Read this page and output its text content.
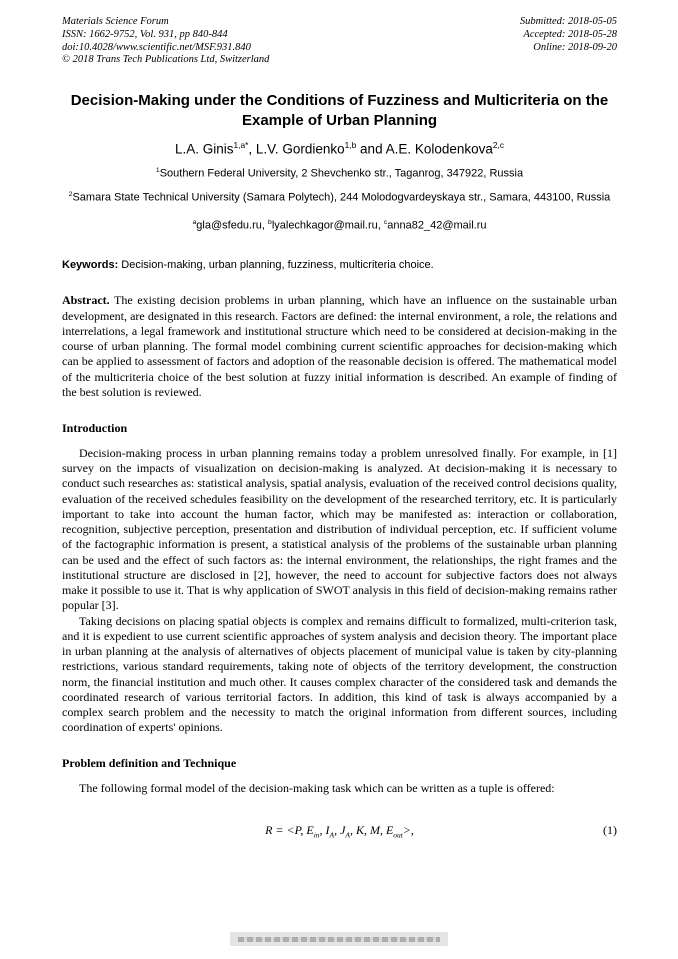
Materials Science Forum
ISSN: 1662-9752, Vol. 931, pp 840-844
doi:10.4028/www.scientific.net/MSF.931.840
© 2018 Trans Tech Publications Ltd, Switzerland
Submitted: 2018-05-05
Accepted: 2018-05-28
Online: 2018-09-20
Decision-Making under the Conditions of Fuzziness and Multicriteria on the Example of Urban Planning
L.A. Ginis$^{1,a*}$, L.V. Gordienko$^{1,b}$ and A.E. Kolodenkova$^{2,c}$
$^1$Southern Federal University, 2 Shevchenko str., Taganrog, 347922, Russia
$^2$Samara State Technical University (Samara Polytech), 244 Molodogvardeyskaya str., Samara, 443100, Russia
$^a$gla@sfedu.ru, $^b$lyalechkagor@mail.ru, $^c$anna82_42@mail.ru
Keywords: Decision-making, urban planning, fuzziness, multicriteria choice.

Abstract. The existing decision problems in urban planning, which have an influence on the sustainable urban development, are designated in this research. Factors are defined: the internal environment, a role, the relations and interrelations, a legal framework and institutional structure which need to be considered at decision-making in the course of urban planning. The formal model combining current scientific approaches for decision-making which can be applied to assessment of factors and adoption of the reasonable decision is offered. The mathematical model of the multicriteria choice of the best solution at fuzzy initial information is described. An example of finding of the best solution is reviewed.

Introduction

Decision-making process in urban planning remains today a problem unresolved finally. For example, in [1] survey on the impacts of visualization on decision-making is analyzed. At decision-making it is necessary to conduct such researches as: statistical analysis, spatial analysis, evaluation of the received control decisions quality, evaluation of the received schedules feasibility on the development of the researched territory, etc. It is particularly important to take into account the human factor, which may be manifested as: interaction or collaboration, recognition, subjective perception, presentation and distribution of individual perception, etc. If sufficient volume of the factographic information is present, a statistical analysis of the problems of the sustainable urban planning can be used and the effect of such factors as: the internal environment, the relationships, the right frames and the institutional structure are disclosed in [2], however, the need to account for subjective factors does not always make it possible to use it. That is why application of SWOT analysis in this field of decision-making remains rather popular [3].

Taking decisions on placing spatial objects is complex and remains difficult to formalized, multi-criterion task, and it is expedient to use current scientific approaches of system analysis and decision theory. The important place in urban planning at the analysis of alternatives of objects placement of municipal value is taken by city-planning restrictions, various standard requirements, taking note of objects of the territory development, the construction norm, the financial institution and much other. It causes complex character of the considered task and demands the coordinated research of various territorial factors. In addition, this kind of task is always accompanied by a complex search problem and the necessity to match the original information from different sources, including coordination of experts' opinions.

Problem definition and Technique

The following formal model of the decision-making task which can be written as a tuple is offered:

R = <P, $E_{in}$, $I_A$, $J_A$, K, M, $E_{out}>$,	(1)
